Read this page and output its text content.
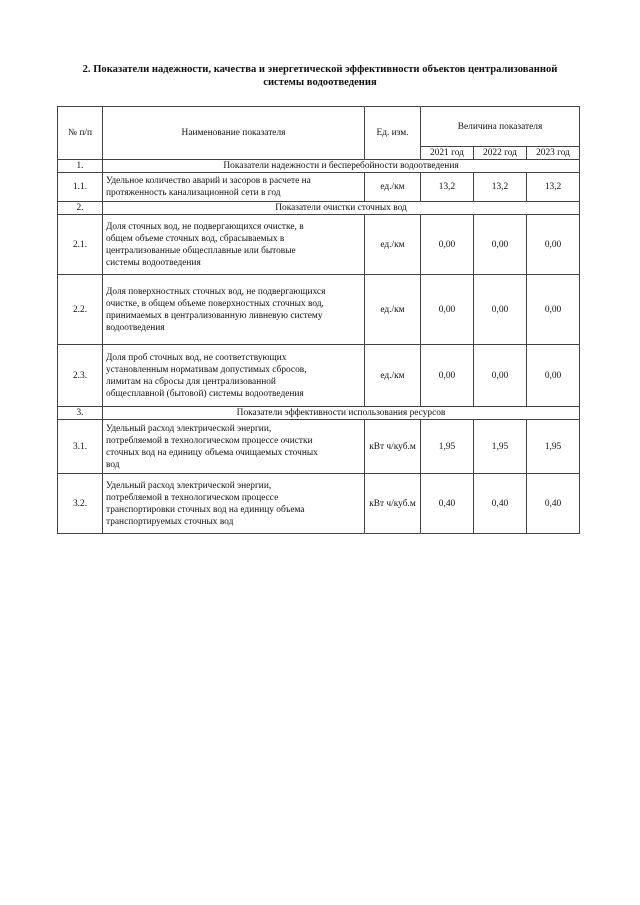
2. Показатели надежности, качества и энергетической эффективности объектов централизованной
системы водоотведения
№ п/п	Наименование показателя	Ед. изм.	Величина показателя		
			2021 год	2022 год	2023 год
1.	Показатели надежности и бесперебойности водоотведения				
1.1.	Удельное количество аварий и засоров в расчете на
протяженность канализационной сети в год	ед./км	13,2	13,2	13,2
2.	Показатели очистки сточных вод				
2.1.	Доля сточных вод, не подвергающихся очистке, в
общем объеме сточных вод, сбрасываемых в
централизованные общесплавные или бытовые
системы водоотведения	ед./км	0,00	0,00	0,00
2.2.	Доля поверхностных сточных вод, не подвергающихся
очистке, в общем объеме поверхностных сточных вод,
принимаемых в централизованную ливневую систему
водоотведения	ед./км	0,00	0,00	0,00
2.3.	Доля проб сточных вод, не соответствующих
установленным нормативам допустимых сбросов,
лимитам на сбросы для централизованной
общесплавной (бытовой) системы водоотведения	ед./км	0,00	0,00	0,00
3.	Показатели эффективности использования ресурсов				
3.1.	Удельный расход электрической энергии,
потребляемой в технологическом процессе очистки
сточных вод на единицу объема очищаемых сточных
вод	кВт ч/куб.м	1,95	1,95	1,95
3.2.	Удельный расход электрической энергии,
потребляемой в технологическом процессе
транспортировки сточных вод на единицу объема
транспортируемых сточных вод	кВт ч/куб.м	0,40	0,40	0,40
